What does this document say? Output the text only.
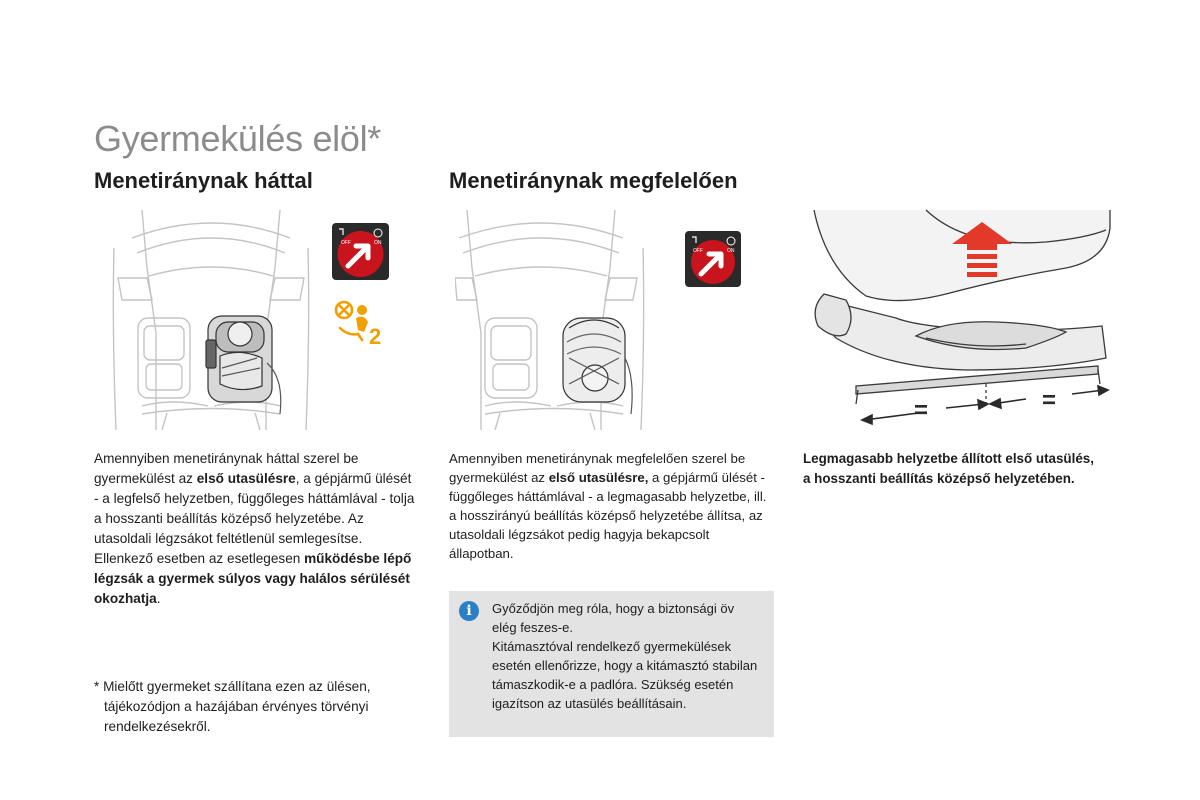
Gyermekülés elöl*
Menetiránynak háttal	Menetiránynak megfelelően
OFF	ON
2
OFF	ON
=	=
Amennyiben menetiránynak háttal szerel be gyermekülést az első utasülésre, a gépjármű ülését - a legfelső helyzetben, függőleges háttámlával - tolja a hosszanti beállítás középső helyzetébe. Az utasoldali légzsákot feltétlenül semlegesítse. Ellenkező esetben az esetlegesen működésbe lépő légzsák a gyermek súlyos vagy halálos sérülését okozhatja.
Amennyiben menetiránynak megfelelően szerel be gyermekülést az első utasülésre, a gépjármű ülését - függőleges háttámlával - a legmagasabb helyzetbe, ill. a hosszirányú beállítás középső helyzetébe állítsa, az utasoldali légzsákot pedig hagyja bekapcsolt állapotban.
Legmagasabb helyzetbe állított első utasülés, a hosszanti beállítás középső helyzetében.
i	Győződjön meg róla, hogy a biztonsági öv elég feszes-e.
Kitámasztóval rendelkező gyermekülések esetén ellenőrizze, hogy a kitámasztó stabilan támaszkodik-e a padlóra. Szükség esetén igazítson az utasülés beállításain.
* Mielőtt gyermeket szállítana ezen az ülésen,
tájékozódjon a hazájában érvényes törvényi rendelkezésekről.
